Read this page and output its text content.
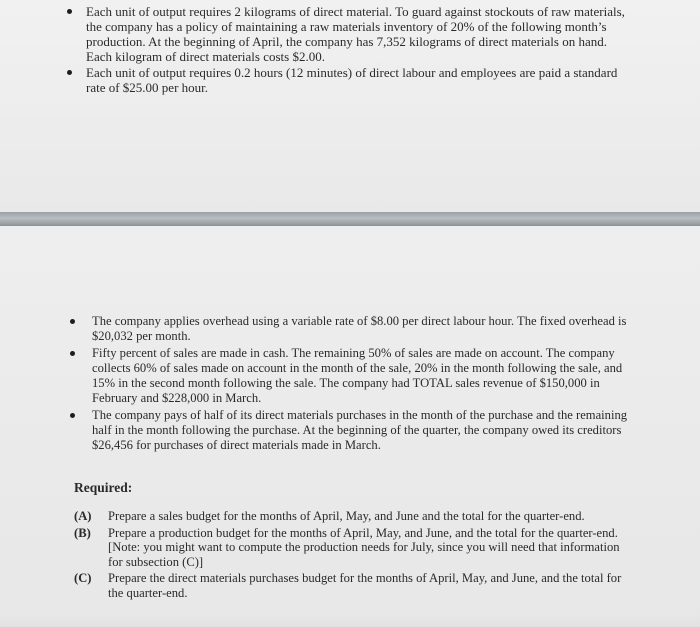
Each unit of output requires 2 kilograms of direct material. To guard against stockouts of raw materials, the company has a policy of maintaining a raw materials inventory of 20% of the following month’s production. At the beginning of April, the company has 7,352 kilograms of direct materials on hand. Each kilogram of direct materials costs $2.00.
Each unit of output requires 0.2 hours (12 minutes) of direct labour and employees are paid a standard rate of $25.00 per hour.
The company applies overhead using a variable rate of $8.00 per direct labour hour. The fixed overhead is $20,032 per month.
Fifty percent of sales are made in cash. The remaining 50% of sales are made on account. The company collects 60% of sales made on account in the month of the sale, 20% in the month following the sale, and 15% in the second month following the sale. The company had TOTAL sales revenue of $150,000 in February and $228,000 in March.
The company pays of half of its direct materials purchases in the month of the purchase and the remaining half in the month following the purchase. At the beginning of the quarter, the company owed its creditors $26,456 for purchases of direct materials made in March.
Required:
(A) Prepare a sales budget for the months of April, May, and June and the total for the quarter-end.
(B) Prepare a production budget for the months of April, May, and June, and the total for the quarter-end. [Note: you might want to compute the production needs for July, since you will need that information for subsection (C)]
(C) Prepare the direct materials purchases budget for the months of April, May, and June, and the total for the quarter-end.
